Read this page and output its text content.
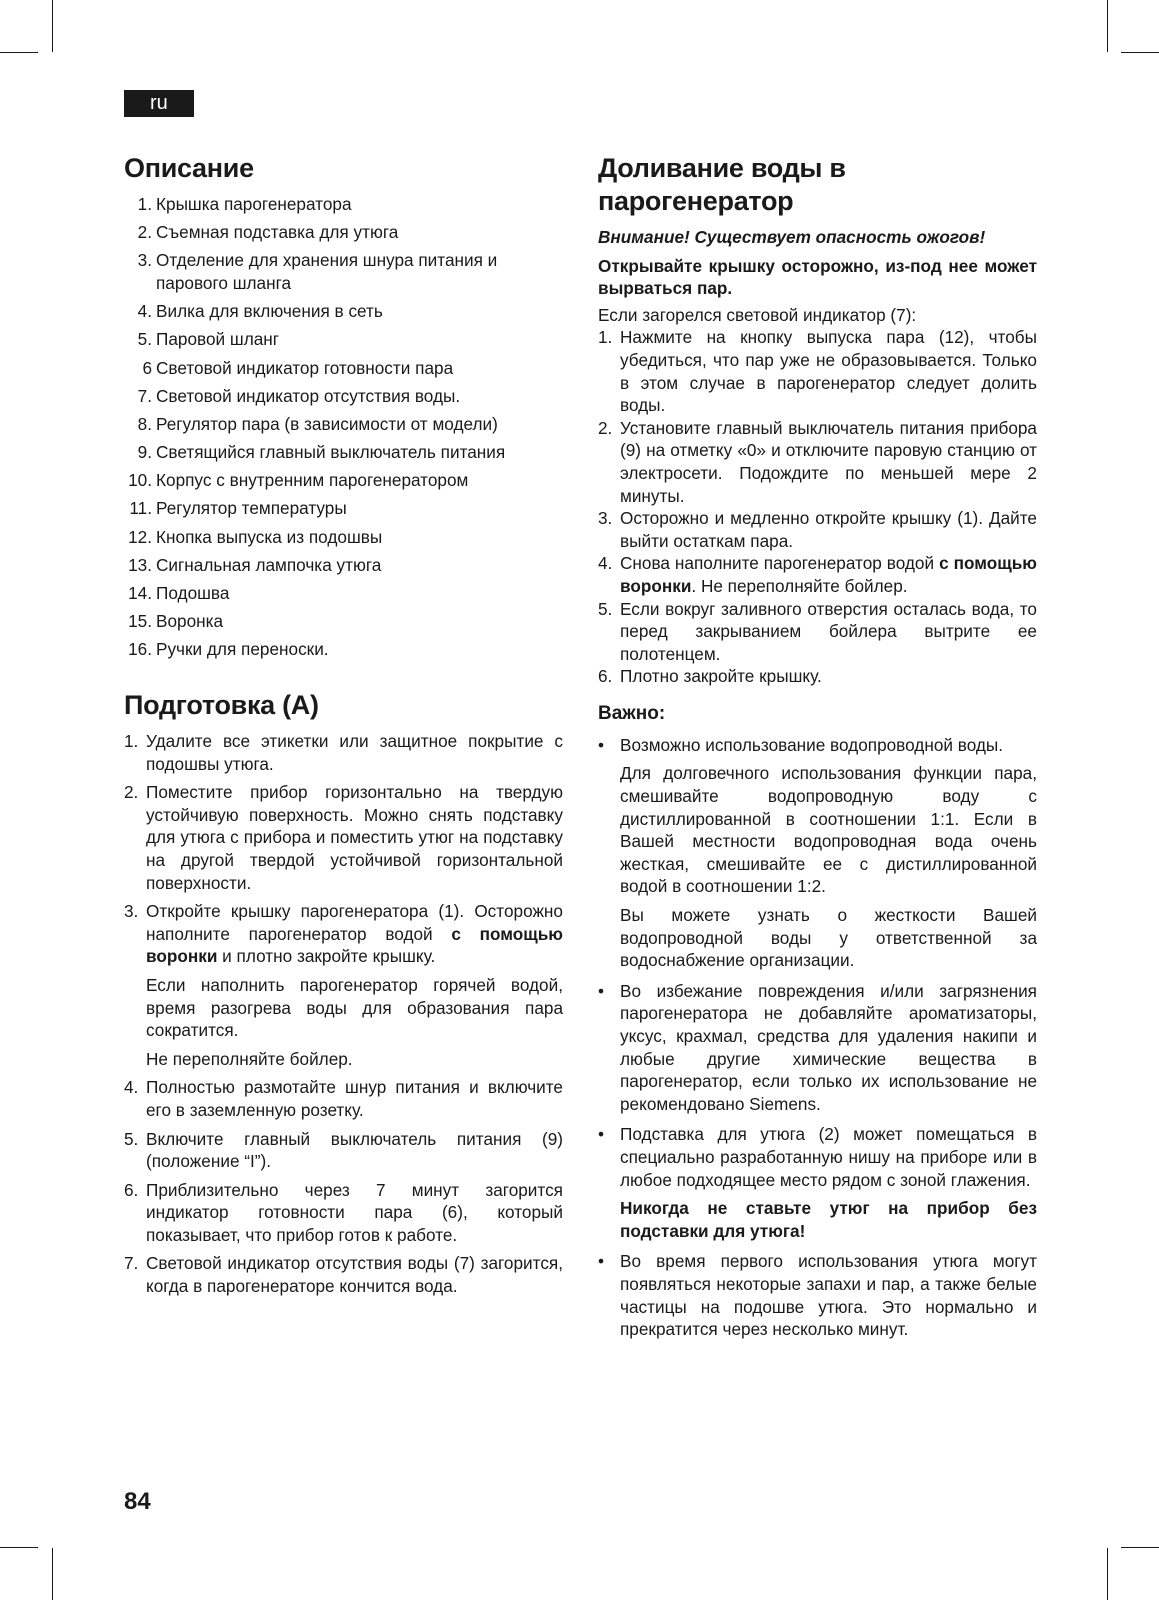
ru
Описание
1. Крышка парогенератора
2. Съемная подставка для утюга
3. Отделение для хранения шнура питания и парового шланга
4. Вилка для включения в сеть
5. Паровой шланг
6 Световой индикатор готовности пара
7. Световой индикатор отсутствия воды.
8. Регулятор пара (в зависимости от модели)
9. Светящийся главный выключатель питания
10. Корпус с внутренним парогенератором
11. Регулятор температуры
12. Кнопка выпуска из подошвы
13. Сигнальная лампочка утюга
14. Подошва
15. Воронка
16. Ручки для переноски.
Подготовка (A)
1. Удалите все этикетки или защитное покрытие с подошвы утюга.
2. Поместите прибор горизонтально на твердую устойчивую поверхность. Можно снять подставку для утюга с прибора и поместить утюг на подставку на другой твердой устойчивой горизонтальной поверхности.
3. Откройте крышку парогенератора (1). Осторожно наполните парогенератор водой с помощью воронки и плотно закройте крышку.

Если наполнить парогенератор горячей водой, время разогрева воды для образования пара сократится.

Не переполняйте бойлер.

4. Полностью размотайте шнур питания и включите его в заземленную розетку.
5. Включите главный выключатель питания (9) (положение “I”).
6. Приблизительно через 7 минут загорится индикатор готовности пара (6), который показывает, что прибор готов к работе.
7. Световой индикатор отсутствия воды (7) загорится, когда в парогенераторе кончится вода.
Доливание воды в парогенератор

Внимание! Существует опасность ожогов!

Открывайте крышку осторожно, из-под нее может вырваться пар.

Если загорелся световой индикатор (7):

1. Нажмите на кнопку выпуска пара (12), чтобы убедиться, что пар уже не образовывается. Только в этом случае в парогенератор следует долить воды.
2. Установите главный выключатель питания прибора (9) на отметку «0» и отключите паровую станцию от электросети. Подождите по меньшей мере 2 минуты.
3. Осторожно и медленно откройте крышку (1). Дайте выйти остаткам пара.
4. Снова наполните парогенератор водой с помощью воронки. Не переполняйте бойлер.
5. Если вокруг заливного отверстия осталась вода, то перед закрыванием бойлера вытрите ее полотенцем.
6. Плотно закройте крышку.
Важно:
• Возможно использование водопроводной воды.

Для долговечного использования функции пара, смешивайте водопроводную воду с дистиллированной в соотношении 1:1. Если в Вашей местности водопроводная вода очень жесткая, смешивайте ее с дистиллированной водой в соотношении 1:2.

Вы можете узнать о жесткости Вашей водопроводной воды у ответственной за водоснабжение организации.

• Во избежание повреждения и/или загрязнения парогенератора не добавляйте ароматизаторы, уксус, крахмал, средства для удаления накипи и любые другие химические вещества в парогенератор, если только их использование не рекомендовано Siemens.
• Подставка для утюга (2) может помещаться в специально разработанную нишу на приборе или в любое подходящее место рядом с зоной глажения.

Никогда не ставьте утюг на прибор без подставки для утюга!

• Во время первого использования утюга могут появляться некоторые запахи и пар, а также белые частицы на подошве утюга. Это нормально и прекратится через несколько минут.
84
